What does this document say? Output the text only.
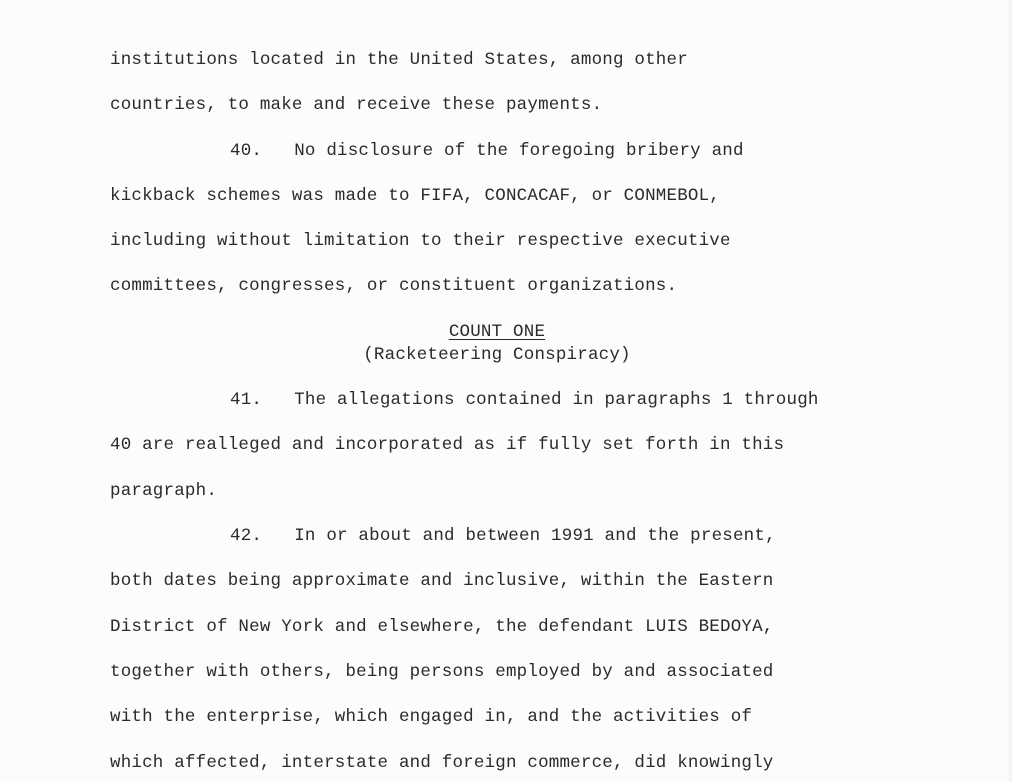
institutions located in the United States, among other
countries, to make and receive these payments.
40.   No disclosure of the foregoing bribery and
kickback schemes was made to FIFA, CONCACAF, or CONMEBOL,
including without limitation to their respective executive
committees, congresses, or constituent organizations.
COUNT ONE
(Racketeering Conspiracy)
41.   The allegations contained in paragraphs 1 through
40 are realleged and incorporated as if fully set forth in this
paragraph.
42.   In or about and between 1991 and the present,
both dates being approximate and inclusive, within the Eastern
District of New York and elsewhere, the defendant LUIS BEDOYA,
together with others, being persons employed by and associated
with the enterprise, which engaged in, and the activities of
which affected, interstate and foreign commerce, did knowingly
